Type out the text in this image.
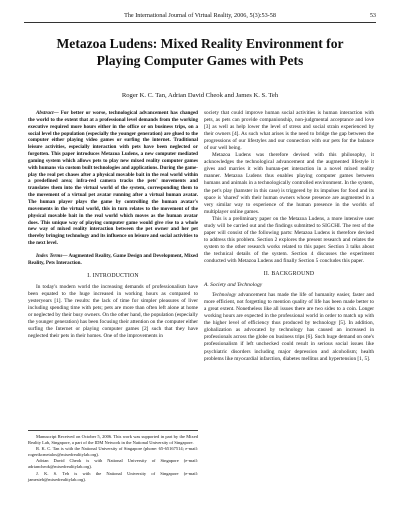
The International Journal of Virtual Reality, 2006, 5(3):53-58	53
Metazoa Ludens: Mixed Reality Environment for Playing Computer Games with Pets
Roger K. C. Tan, Adrian David Cheok and James K. S. Teh

Abstract— For better or worse, technological advancement has changed the world to the extent that at a professional level demands from the working executive required more hours either in the office or on business trips, on a social level the population (especially the younger generation) are glued to the computer either playing video games or surfing the internet. Traditional leisure activities, especially interaction with pets have been neglected or forgotten. This paper introduces Metazoa Ludens, a new computer mediated gaming system which allows pets to play new mixed reality computer games with humans via custom built technologies and applications. During the game-play the real pet chases after a physical movable bait in the real world within a predefined area; infra-red camera tracks the pets' movements and translates them into the virtual world of the system, corresponding them to the movement of a virtual pet avatar running after a virtual human avatar. The human player plays the game by controlling the human avatar's movements in the virtual world, this in turn relates to the movement of the physical movable bait in the real world which moves as the human avatar does. This unique way of playing computer game would give rise to a whole new way of mixed reality interaction between the pet owner and her pet thereby bringing technology and its influence on leisure and social activities to the next level.

Index Terms— Augmented Reality, Game Design and Development, Mixed Reality, Pets Interaction.

I. INTRODUCTION

In today's modern world the increasing demands of professionalism have been equated to the huge increased in working hours as compared to yesteryears [1]. The results: the lack of time for simpler pleasures of liver including spending time with pets; pets are more than often left alone at home or neglected by their busy owners. On the other hand, the population (especially the younger generation) has been focusing their attention on the computer either surfing the Internet or playing computer games [2] such that they have neglected their pets in their homes. One of the improvements in

Manuscript Received on October 5, 2006. This work was supported in part by the Mixed Reality Lab, Singapore, a part of the IDM Network in the National University of Singapore.
R. K. C. Tan is with the National University of Singapore (phone: 65-65167514; e-mail: rogertkcmetalos@mixedrealitylab.org).
Adrian David Cheok is with National University of Singapore (e-mail: adriancheok@mixedrealitylab.org).
J. K. S. Teh is with the National University of Singapore (e-mail: jamesteh@mixedrealitylab.org).

society that could improve human social activities is human interaction with pets, as pets can provide companionship, non-judgmental acceptance and love [3] as well as help lower the level of stress and social strain experienced by their owners [4]. As such what arises is the need to bridge the gap between the progressions of our lifestyles and our connection with our pets for the balance of our well being.

Metazoa Ludens was therefore devised with this philosophy, it acknowledges the technological advancement and the augmented lifestyle it gives and marries it with human-pet interaction in a novel mixed reality manner. Metazoa Ludens thus enables playing computer games between humans and animals in a technologically controlled environment. In the system, the pet's play (hamster in this case) is triggered by its impulses for food and its space is 'shared' with their human owners whose presence are augmented in a very similar way to experience of the human presence in the worlds of multiplayer online games.

This is a preliminary paper on the Metazoa Ludens, a more intensive user study will be carried out and the findings submitted to SIGCHI. The rest of the paper will consist of the following parts: Metazoa Ludens is therefore devised to address this problem. Section 2 explores the present research and relates the system to the other research works related to this paper. Section 3 talks about the technical details of the system. Section 4 discusses the experiment conducted with Metazoa Ludens and finally Section 5 concludes this paper.

II. BACKGROUND
A. Society and Technology

Technology advancement has made the life of humanity easier, faster and more efficient, not forgetting to mention quality of life has been made better to a great extent. Nonetheless like all issues there are two sides to a coin. Longer working hours are expected in the professional world in order to match up with the higher level of efficiency thus produced by technology [5]. In addition, globalization as advocated by technology has caused an increased in professionals across the globe on business trips [6]. Such huge demand on one's professionalism if left unchecked could result in serious social issues like psychiatric disorders including major depression and alcoholism; health problems like myocardial infarction, diabetes mellitus and hypertension [1, 5].
